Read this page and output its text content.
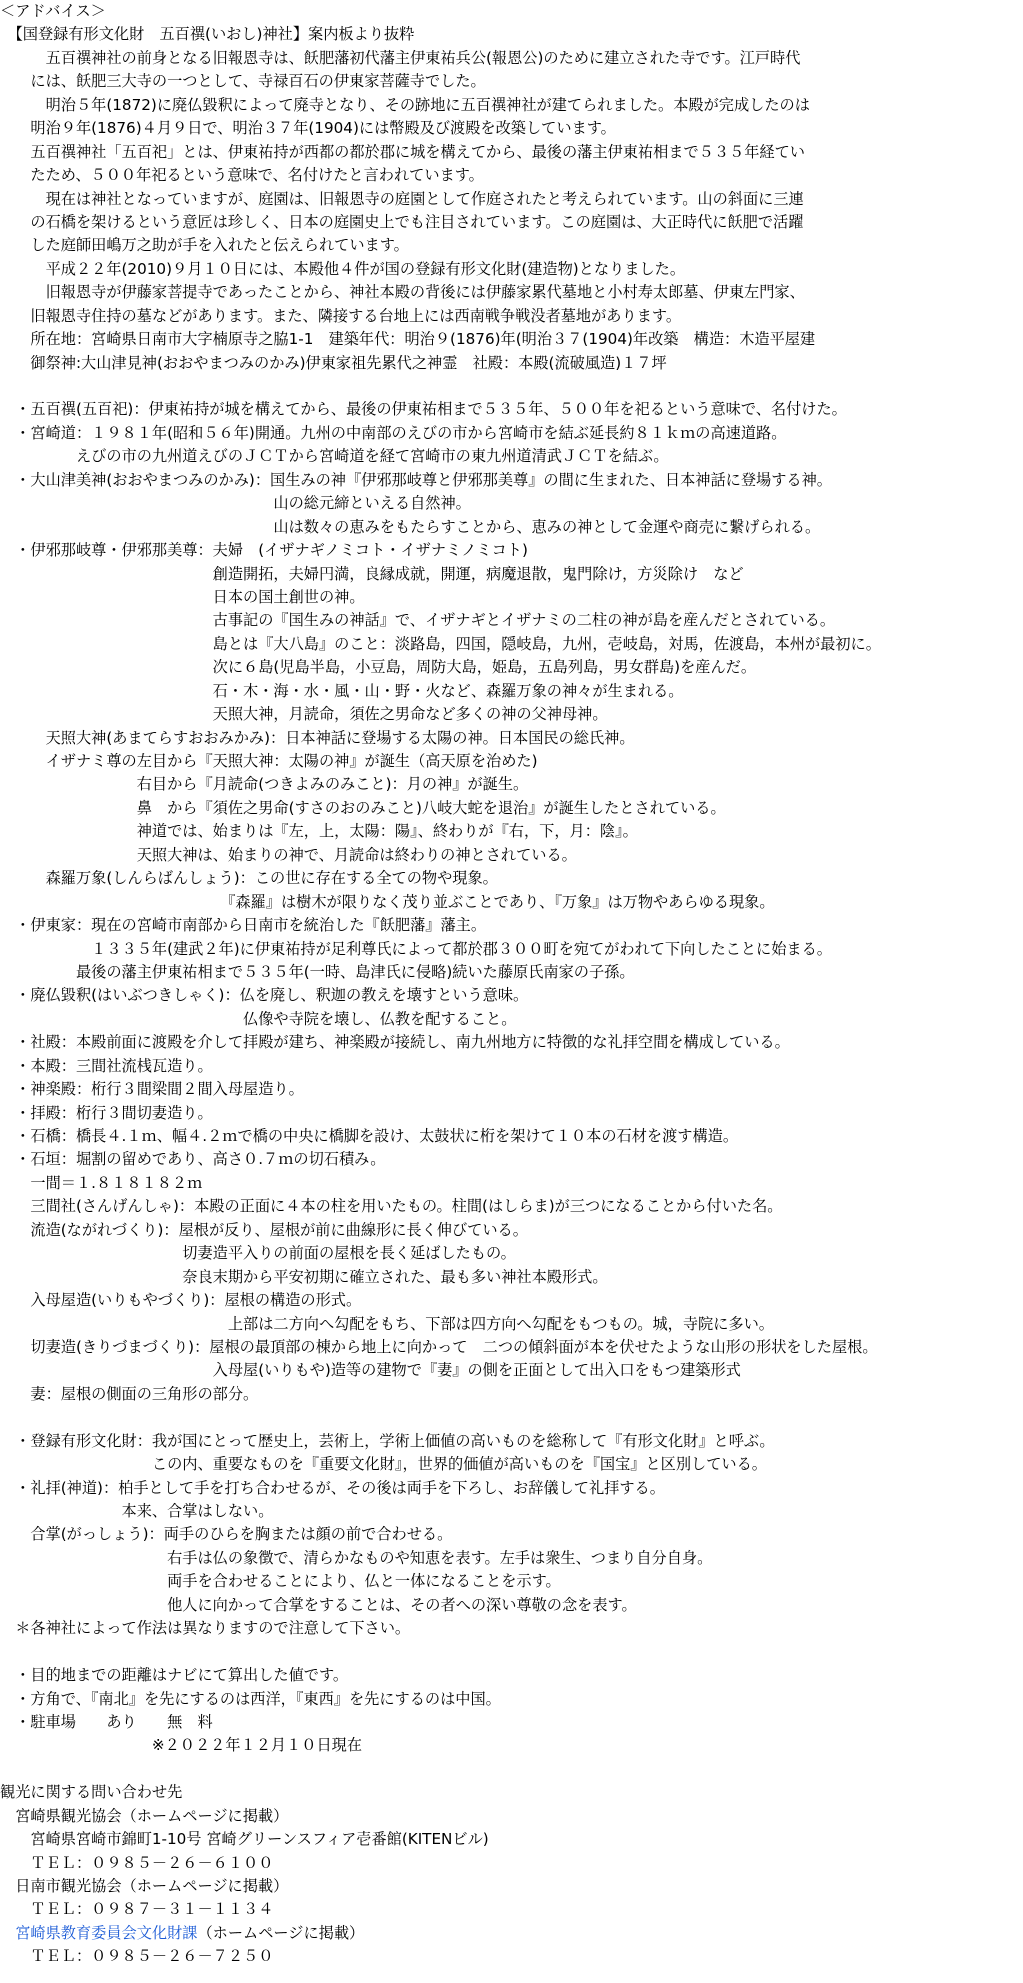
＜アドバイス＞
　【国登録有形文化財　五百禩(いおし)神社】案内板より抜粋
　　　五百禩神社の前身となる旧報恩寺は、飫肥藩初代藩主伊東祐兵公(報恩公)のために建立された寺です。江戸時代
　　には、飫肥三大寺の一つとして、寺禄百石の伊東家菩薩寺でした。
　　　明治５年(1872)に廃仏毀釈によって廃寺となり、その跡地に五百禩神社が建てられました。本殿が完成したのは
　　明治９年(1876)４月９日で、明治３７年(1904)には幣殿及び渡殿を改築しています。
　　五百禩神社「五百祀」とは、伊東祐持が西都の都於郡に城を構えてから、最後の藩主伊東祐相まで５３５年経てい
　　たため、５００年祀るという意味で、名付けたと言われています。
　　　現在は神社となっていますが、庭園は、旧報恩寺の庭園として作庭されたと考えられています。山の斜面に三連
　　の石橋を架けるという意匠は珍しく、日本の庭園史上でも注目されています。この庭園は、大正時代に飫肥で活躍
　　した庭師田嶋万之助が手を入れたと伝えられています。
　　　平成２２年(2010)９月１０日には、本殿他４件が国の登録有形文化財(建造物)となりました。
　　　旧報恩寺が伊藤家菩提寺であったことから、神社本殿の背後には伊藤家累代墓地と小村寿太郎墓、伊東左門家、
　　旧報恩寺住持の墓などがあります。また、隣接する台地上には西南戦争戦没者墓地があります。
　　所在地：宮崎県日南市大字楠原寺之脇1-1　建築年代：明治９(1876)年(明治３７(1904)年改築　構造：木造平屋建
　　御祭神:大山津見神(おおやまつみのかみ)伊東家祖先累代之神霊　社殿：本殿(流破風造)１７坪
　・五百禩(五百祀)：伊東祐持が城を構えてから、最後の伊東祐相まで５３５年、５００年を祀るという意味で、名付けた。
　・宮崎道：１９８１年(昭和５６年)開通。九州の中南部のえびの市から宮崎市を結ぶ延長約８１ｋｍの高速道路。
　　　　　えびの市の九州道えびのＪＣＴから宮崎道を経て宮崎市の東九州道清武ＪＣＴを結ぶ。
　・大山津美神(おおやまつみのかみ)：国生みの神『伊邪那岐尊と伊邪那美尊』の間に生まれた、日本神話に登場する神。
　　　　　　　　　　　　　　　　　　山の総元締といえる自然神。
　　　　　　　　　　　　　　　　　　山は数々の恵みをもたらすことから、恵みの神として金運や商売に繋げられる。
　・伊邪那岐尊・伊邪那美尊：夫婦　(イザナギノミコト・イザナミノミコト)
　　　　　　　　　　　　　　創造開拓，夫婦円満，良縁成就，開運，病魔退散，鬼門除け，方災除け　など
　　　　　　　　　　　　　　日本の国土創世の神。
　　　　　　　　　　　　　　古事記の『国生みの神話』で、イザナギとイザナミの二柱の神が島を産んだとされている。
　　　　　　　　　　　　　　島とは『大八島』のこと：淡路島，四国，隠岐島，九州，壱岐島，対馬，佐渡島，本州が最初に。
　　　　　　　　　　　　　　次に６島(児島半島，小豆島，周防大島，姫島，五島列島，男女群島)を産んだ。
　　　　　　　　　　　　　　石・木・海・水・風・山・野・火など、森羅万象の神々が生まれる。
　　　　　　　　　　　　　　天照大神，月読命，須佐之男命など多くの神の父神母神。
　　　天照大神(あまてらすおおみかみ)：日本神話に登場する太陽の神。日本国民の総氏神。
　　　イザナミ尊の左目から『天照大神：太陽の神』が誕生（高天原を治めた)
　　　　　　　　　右目から『月読命(つきよみのみこと)：月の神』が誕生。
　　　　　　　　　鼻　から『須佐之男命(すさのおのみこと)八岐大蛇を退治』が誕生したとされている。
　　　　　　　　　神道では、始まりは『左，上，太陽：陽』、終わりが『右，下，月：陰』。
　　　　　　　　　天照大神は、始まりの神で、月読命は終わりの神とされている。
　　　森羅万象(しんらばんしょう)：この世に存在する全ての物や現象。
　　　　　　　　　　　　　　　『森羅』は樹木が限りなく茂り並ぶことであり、『万象』は万物やあらゆる現象。
　・伊東家：現在の宮崎市南部から日南市を統治した『飫肥藩』藩主。
　　　　　　１３３５年(建武２年)に伊東祐持が足利尊氏によって都於郡３００町を宛てがわれて下向したことに始まる。
　　　　　最後の藩主伊東祐相まで５３５年(一時、島津氏に侵略)続いた藤原氏南家の子孫。
　・廃仏毀釈(はいぶつきしゃく)：仏を廃し、釈迦の教えを壊すという意味。
　　　　　　　　　　　　　　　　仏像や寺院を壊し、仏教を配すること。
　・社殿：本殿前面に渡殿を介して拝殿が建ち、神楽殿が接続し、南九州地方に特徴的な礼拝空間を構成している。
　・本殿：三間社流桟瓦造り。
　・神楽殿：桁行３間梁間２間入母屋造り。
　・拝殿：桁行３間切妻造り。
　・石橋：橋長４.１ｍ、幅４.２ｍで橋の中央に橋脚を設け、太鼓状に桁を架けて１０本の石材を渡す構造。
　・石垣：堀割の留めであり、高さ０.７ｍの切石積み。
　　一間＝１.８１８１８２ｍ
　　三間社(さんげんしゃ)：本殿の正面に４本の柱を用いたもの。柱間(はしらま)が三つになることから付いた名。
　　流造(ながれづくり)：屋根が反り、屋根が前に曲線形に長く伸びている。
　　　　　　　　　　　　切妻造平入りの前面の屋根を長く延ばしたもの。
　　　　　　　　　　　　奈良末期から平安初期に確立された、最も多い神社本殿形式。
　　入母屋造(いりもやづくり)：屋根の構造の形式。
　　　　　　　　　　　　　　　上部は二方向へ勾配をもち、下部は四方向へ勾配をもつもの。城，寺院に多い。
　　切妻造(きりづまづくり)：屋根の最頂部の棟から地上に向かって　二つの傾斜面が本を伏せたような山形の形状をした屋根。
　　　　　　　　　　　　　　入母屋(いりもや)造等の建物で『妻』の側を正面として出入口をもつ建築形式
　　妻：屋根の側面の三角形の部分。
　・登録有形文化財：我が国にとって歴史上，芸術上，学術上価値の高いものを総称して『有形文化財』と呼ぶ。
　　　　　　　　　　この内、重要なものを『重要文化財』，世界的価値が高いものを『国宝』と区別している。
　・礼拝(神道)：柏手として手を打ち合わせるが、その後は両手を下ろし、お辞儀して礼拝する。
　　　　　　　　本来、合掌はしない。
　　合掌(がっしょう)：両手のひらを胸または顔の前で合わせる。
　　　　　　　　　　　右手は仏の象徴で、清らかなものや知恵を表す。左手は衆生、つまり自分自身。
　　　　　　　　　　　両手を合わせることにより、仏と一体になることを示す。
　　　　　　　　　　　他人に向かって合掌をすることは、その者への深い尊敬の念を表す。
　＊各神社によって作法は異なりますので注意して下さい。
　・目的地までの距離はナビにて算出した値です。
　・方角で、『南北』を先にするのは西洋，『東西』を先にするのは中国。
　・駐車場　　あり　　無　料
　　　　　　　　　　※２０２２年１２月１０日現在
観光に関する問い合わせ先
　宮崎県観光協会（ホームページに掲載）
　　宮崎県宮崎市錦町1-10号 宮崎グリーンスフィア壱番館(KITENビル)
　　ＴＥＬ：０９８５－２６－６１００
　日南市観光協会（ホームページに掲載）
　　ＴＥＬ：０９８７－３１－１１３４
　宮崎県教育委員会文化財課（ホームページに掲載）
　　ＴＥＬ：０９８５－２６－７２５０
